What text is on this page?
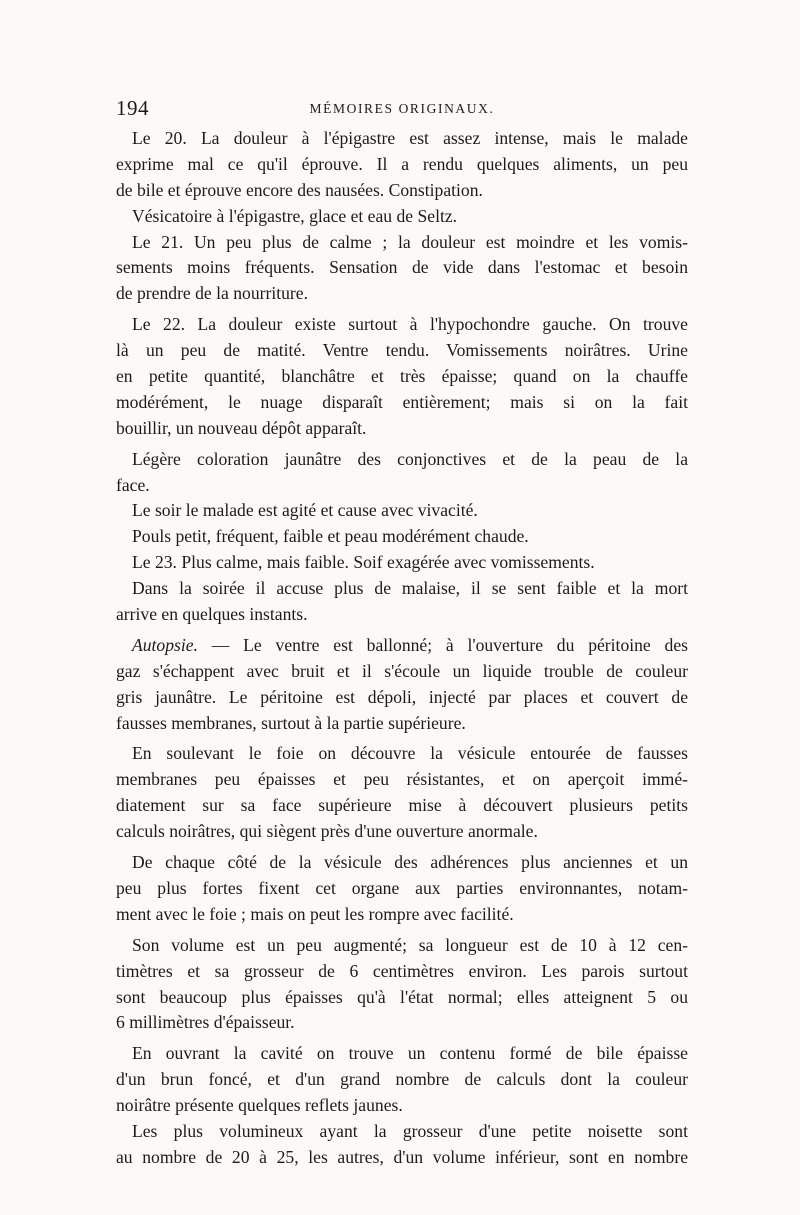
194	MÉMOIRES ORIGINAUX.
Le 20. La douleur à l'épigastre est assez intense, mais le malade
exprime mal ce qu'il éprouve. Il a rendu quelques aliments, un peu
de bile et éprouve encore des nausées. Constipation.
Vésicatoire à l'épigastre, glace et eau de Seltz.
Le 21. Un peu plus de calme ; la douleur est moindre et les vomis-
sements moins fréquents. Sensation de vide dans l'estomac et besoin
de prendre de la nourriture.
Le 22. La douleur existe surtout à l'hypochondre gauche. On trouve
là un peu de matité. Ventre tendu. Vomissements noirâtres. Urine
en petite quantité, blanchâtre et très épaisse; quand on la chauffe
modérément, le nuage disparaît entièrement; mais si on la fait
bouillir, un nouveau dépôt apparaît.
Légère coloration jaunâtre des conjonctives et de la peau de la
face.
Le soir le malade est agité et cause avec vivacité.
Pouls petit, fréquent, faible et peau modérément chaude.
Le 23. Plus calme, mais faible. Soif exagérée avec vomissements.
Dans la soirée il accuse plus de malaise, il se sent faible et la mort
arrive en quelques instants.
Autopsie. — Le ventre est ballonné; à l'ouverture du péritoine des
gaz s'échappent avec bruit et il s'écoule un liquide trouble de couleur
gris jaunâtre. Le péritoine est dépoli, injecté par places et couvert de
fausses membranes, surtout à la partie supérieure.
En soulevant le foie on découvre la vésicule entourée de fausses
membranes peu épaisses et peu résistantes, et on aperçoit immé-
diatement sur sa face supérieure mise à découvert plusieurs petits
calculs noirâtres, qui siègent près d'une ouverture anormale.
De chaque côté de la vésicule des adhérences plus anciennes et un
peu plus fortes fixent cet organe aux parties environnantes, notam-
ment avec le foie ; mais on peut les rompre avec facilité.
Son volume est un peu augmenté; sa longueur est de 10 à 12 cen-
timètres et sa grosseur de 6 centimètres environ. Les parois surtout
sont beaucoup plus épaisses qu'à l'état normal; elles atteignent 5 ou
6 millimètres d'épaisseur.
En ouvrant la cavité on trouve un contenu formé de bile épaisse
d'un brun foncé, et d'un grand nombre de calculs dont la couleur
noirâtre présente quelques reflets jaunes.
Les plus volumineux ayant la grosseur d'une petite noisette sont
au nombre de 20 à 25, les autres, d'un volume inférieur, sont en nombre
